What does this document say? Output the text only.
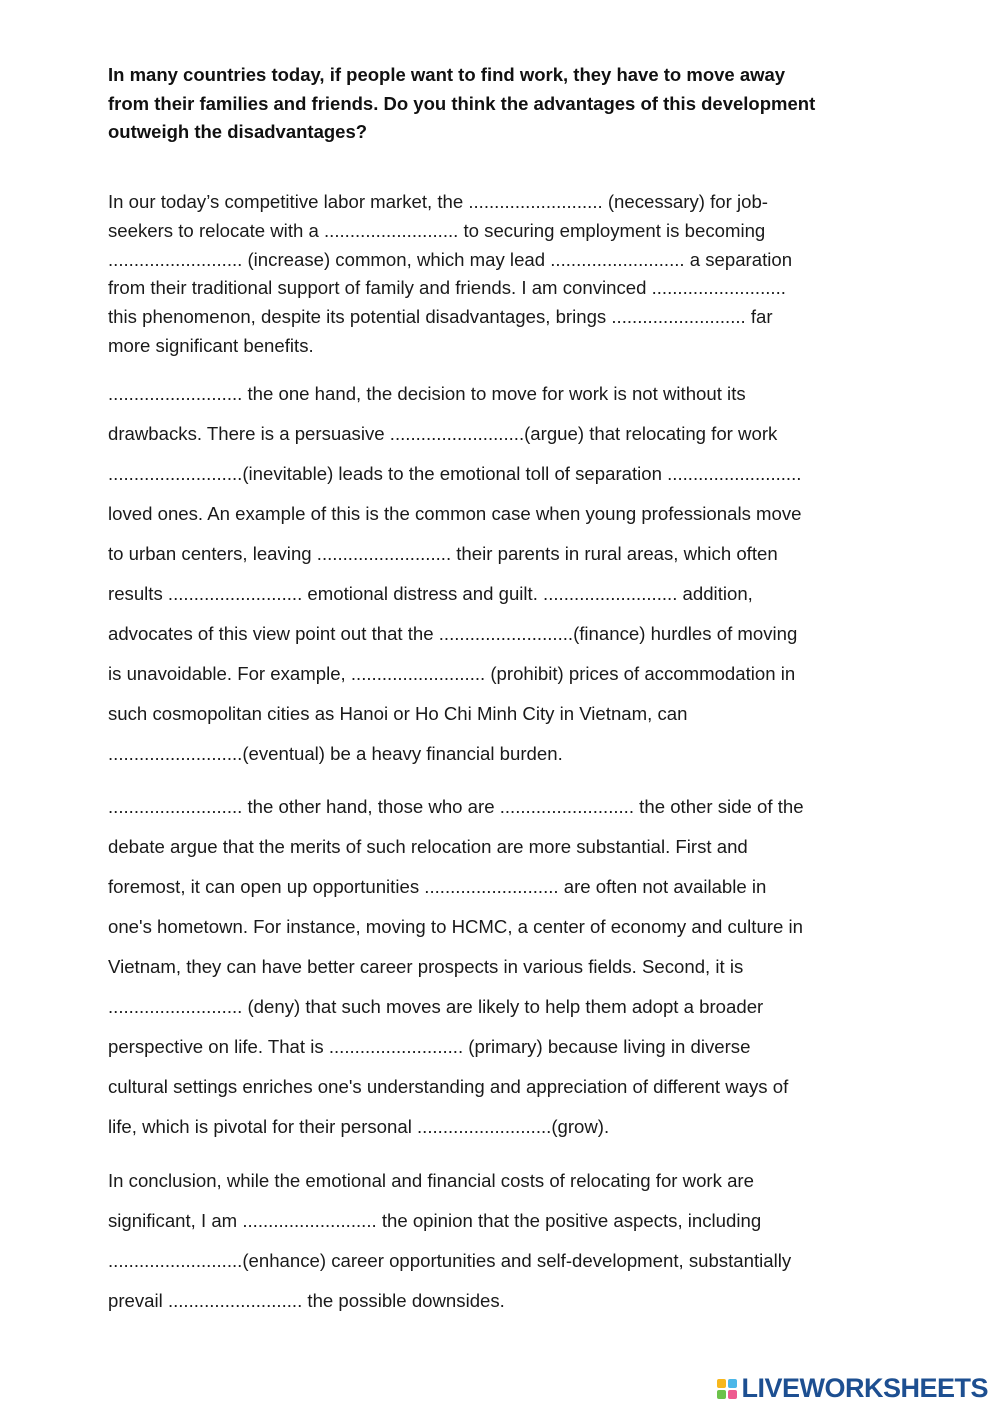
In many countries today, if people want to find work, they have to move away
from their families and friends. Do you think the advantages of this development
outweigh the disadvantages?
In our today’s competitive labor market, the .......................... (necessary) for job-
seekers to relocate with a .......................... to securing employment is becoming
.......................... (increase) common, which may lead .......................... a separation
from their traditional support of family and friends. I am convinced ..........................
this phenomenon, despite its potential disadvantages, brings .......................... far
more significant benefits.
.......................... the one hand, the decision to move for work is not without its
drawbacks. There is a persuasive ..........................(argue) that relocating for work
..........................(inevitable) leads to the emotional toll of separation ..........................
loved ones. An example of this is the common case when young professionals move
to urban centers, leaving .......................... their parents in rural areas, which often
results .......................... emotional distress and guilt. .......................... addition,
advocates of this view point out that the ..........................(finance) hurdles of moving
is unavoidable. For example, .......................... (prohibit) prices of accommodation in
such cosmopolitan cities as Hanoi or Ho Chi Minh City in Vietnam, can
..........................(eventual) be a heavy financial burden.
.......................... the other hand, those who are .......................... the other side of the
debate argue that the merits of such relocation are more substantial. First and
foremost, it can open up opportunities .......................... are often not available in
one's hometown. For instance, moving to HCMC, a center of economy and culture in
Vietnam, they can have better career prospects in various fields. Second, it is
.......................... (deny) that such moves are likely to help them adopt a broader
perspective on life. That is .......................... (primary) because living in diverse
cultural settings enriches one's understanding and appreciation of different ways of
life, which is pivotal for their personal ..........................(grow).
In conclusion, while the emotional and financial costs of relocating for work are
significant, I am .......................... the opinion that the positive aspects, including
..........................(enhance) career opportunities and self-development, substantially
prevail .......................... the possible downsides.
LIVEWORKSHEETS
